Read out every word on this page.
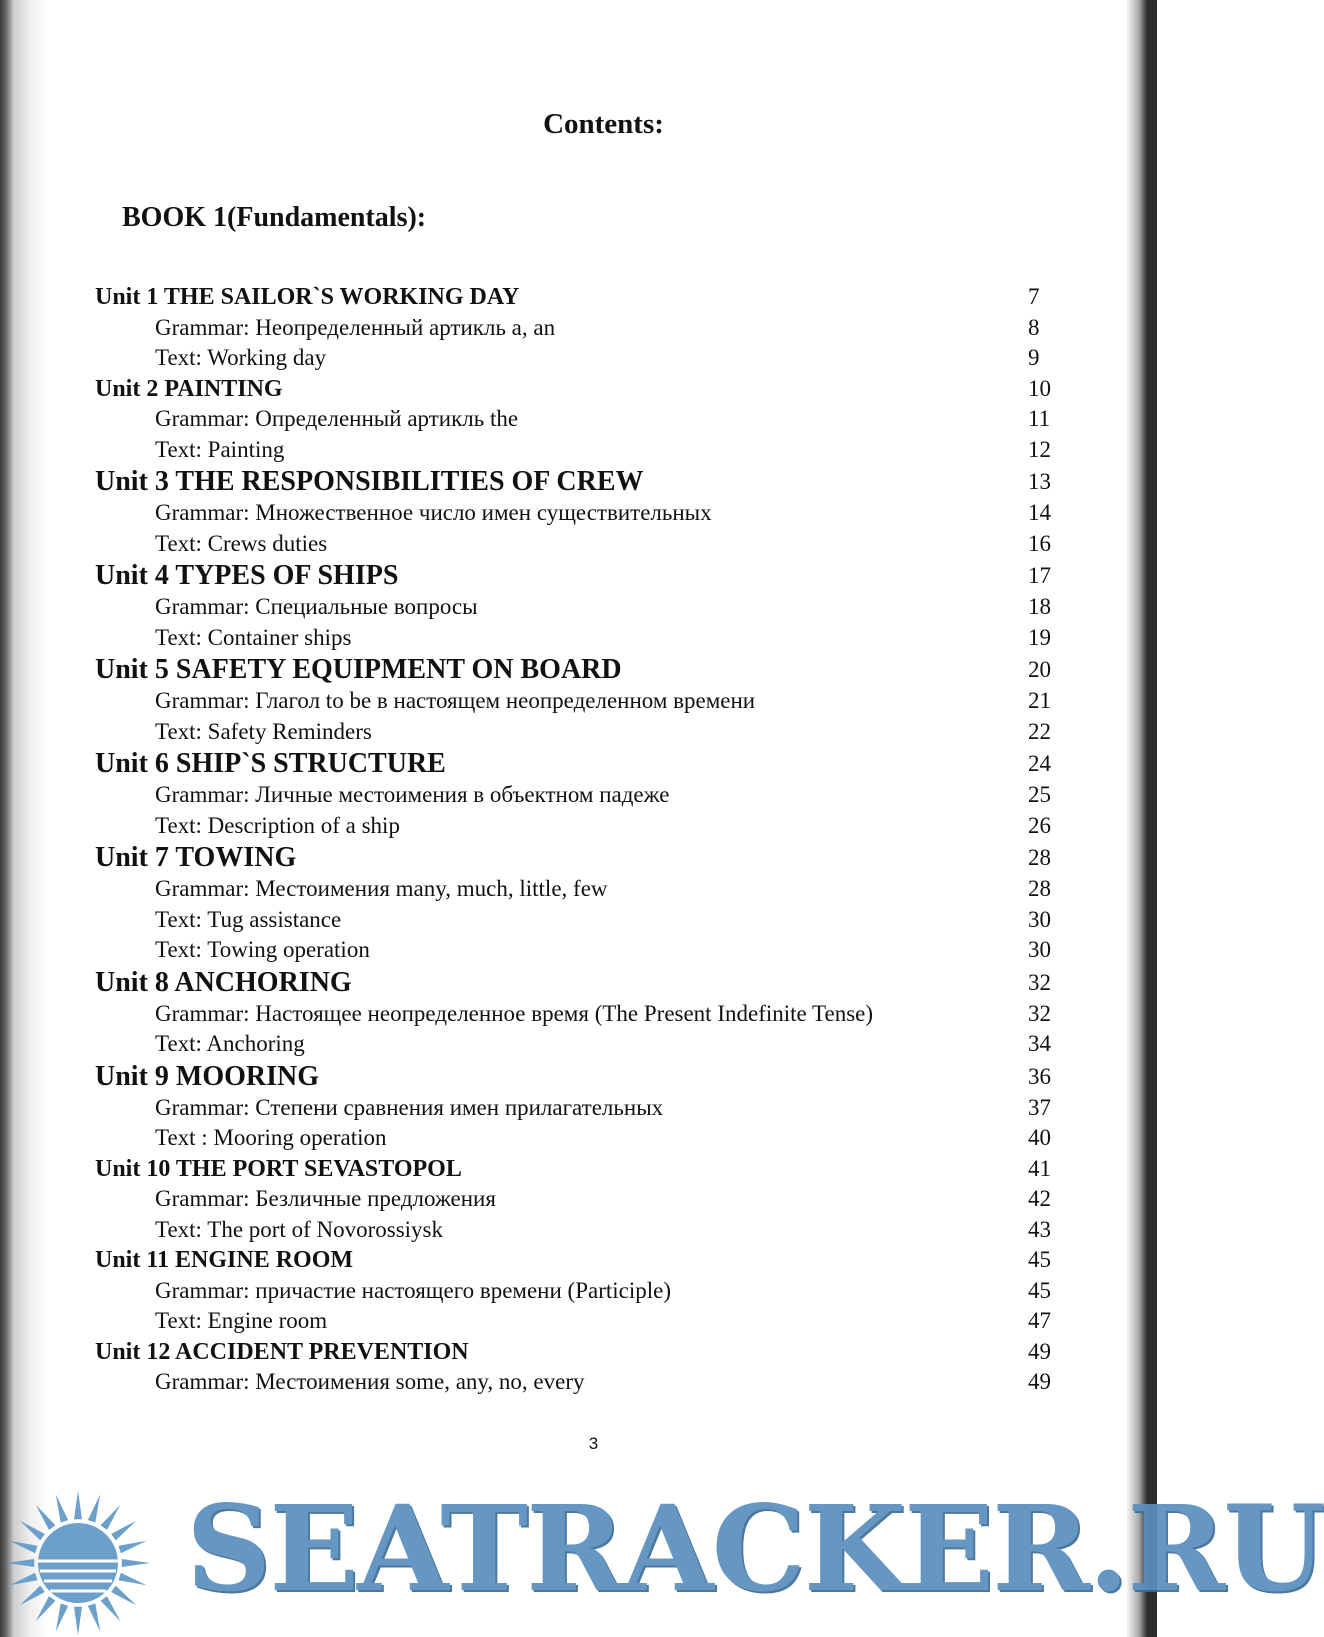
Contents:
BOOK 1(Fundamentals):
Unit 1 THE SAILOR`S WORKING DAY	7
Grammar: Неопределенный артикль a, an	8
Text: Working day	9
Unit 2 PAINTING	10
Grammar: Определенный артикль the	11
Text: Painting	12
Unit 3 THE RESPONSIBILITIES OF CREW	13
Grammar: Множественное число имен существительных	14
Text: Crews duties	16
Unit 4 TYPES OF SHIPS	17
Grammar: Специальные вопросы	18
Text: Container ships	19
Unit 5 SAFETY EQUIPMENT ON BOARD	20
Grammar: Глагол to be в настоящем неопределенном времени	21
Text: Safety Reminders	22
Unit 6 SHIP`S STRUCTURE	24
Grammar: Личные местоимения в объектном падеже	25
Text: Description of a ship	26
Unit 7 TOWING	28
Grammar: Местоимения many, much, little, few	28
Text: Tug assistance	30
Text: Towing operation	30
Unit 8 ANCHORING	32
Grammar: Настоящее неопределенное время (The Present Indefinite Tense)	32
Text: Anchoring	34
Unit 9 MOORING	36
Grammar: Степени сравнения имен прилагательных	37
Text : Mooring operation	40
Unit 10 THE PORT SEVASTOPOL	41
Grammar: Безличные предложения	42
Text: The port of Novorossiysk	43
Unit 11 ENGINE ROOM	45
Grammar: причастие настоящего времени (Participle)	45
Text: Engine room	47
Unit 12 ACCIDENT PREVENTION	49
Grammar: Местоимения some, any, no, every	49
3
SEATRACKER.RU
